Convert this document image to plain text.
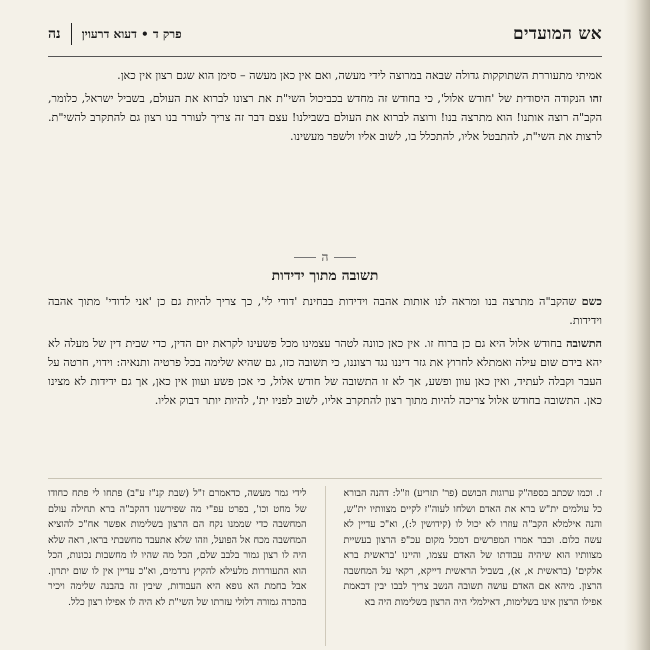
אש המועדים
פרק ד • דעוא דרעוין
נה

אמיתי מתעוררת השתוקקות גדולה שבאה במרוצה לידי מעשה, ואם אין כאן מעשה – סימן הוא שגם רצון אין כאן.

זהו הנקודה היסודית של 'חודש אלול', כי בחודש זה מחדש בכביכול השי"ת את רצונו לברוא את העולם, בשביל ישראל, כלומר, הקב"ה רוצה אותנו! הוא מתרצה בנו! ורוצה לברוא את העולם בשבילנו! עצם דבר זה צריך לעורר בנו רצון גם להתקרב להשי"ת. לרצות את השי"ת, להתבטל אליו, להתכלל בו, לשוב אליו ולשפר מעשינו.

ה
תשובה מתוך ידידות

כשם שהקב"ה מתרצה בנו ומראה לנו אותות אהבה וידידות בבחינת 'דודי לי', כך צריך להיות גם כן 'אני לדודי' מתוך אהבה וידידות.

התשובה בחודש אלול היא גם כן ברוח זו. אין כאן כוונה לטהר עצמינו מכל פשעינו לקראת יום הדין, כדי שבית דין של מעלה לא יהא בידם שום עילה ואמתלא לחרוץ את גזר דיננו נגד רצוננו, כי תשובה כזו, גם שהיא שלימה בכל פרטיה ותנאיה: וידוי, חרטה על העבר וקבלה לעתיד, ואין כאן עוון ופשע, אך לא זו התשובה של חודש אלול, כי אכן פשע ועוון אין כאן, אך גם ידידות לא מצינו כאן. התשובה בחודש אלול צריכה להיות מתוך רצון להתקרב אליו, לשוב לפניו ית', להיות יותר דבוק אליו.

ז. וכמו שכתב בספה"ק ערוגות הבושם (פר' תזריע) וז"ל: דהנה הבורא כל עולמים ית"ש ברא את האדם ושלחו לעוה"ז לקיים מצוותיו ית"ש, והנה אילמלא הקב"ה עוזרו לא יכול לו (קידושין ל:), וא"כ עדיין לא עשה כלום. וכבר אמרו המפרשים דמכל מקום עכ"פ הרצון בעשיית מצוותיו הוא שיהיה עבודתו של האדם עצמו, והיינו 'בראשית ברא אלקים' (בראשית א, א), בשביל הראשית דייקא, רקאי על המחשבה הרצון. מיהא אם האדם עושה תשובה הנשב צריך לבבו יבין דבאמת אפילו הרצון אינו בשלימות, דאילמלי היה הרצון בשלימות היה בא
לידי גמר מעשה, כדאמרם ז"ל (שבת קנ"ז ע"ב) פתחו לי פתח כחודו של מחט וכו', בפרט עפ"י מה שפירשנו דהקב"ה ברא תחילה עולם המחשבה כדי שממנו נקח הם הרצון בשלימות אפשר אח"כ להוציא המחשבה מכח אל הפועל, וזהו שלא אתעבד מחשבתי בראו, ראה שלא היה לו רצון גמור בלבב שלם, הכל מה שהיו לו מחשבות נכונות, הכל הוא התעוררות מלעילא להקיץ נרדמים, וא"כ עדיין אין לו שום יתרון. אבל בחמת הא גופא היא העבודות, שיבין זה בהבנה שלימה ויכיר בהכרה גמורה דלולי עזרתו של השי"ת לא היה לו אפילו רצון כלל.
